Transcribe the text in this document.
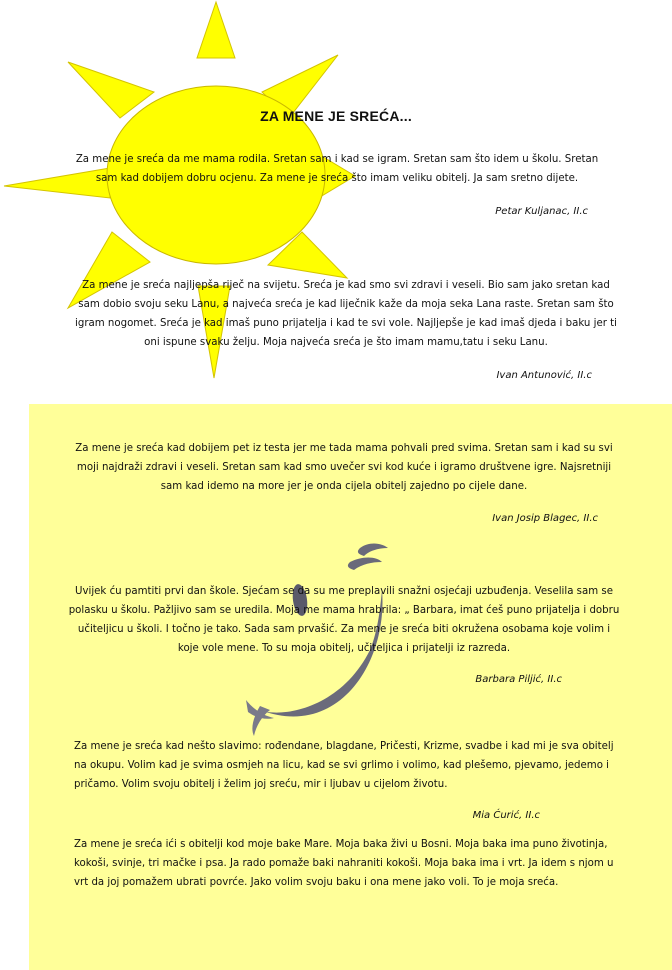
ZA MENE JE SREĆA...
Za mene je sreća da me mama rodila. Sretan sam i kad se igram. Sretan sam što idem u školu. Sretan sam kad dobijem dobru ocjenu. Za mene je sreća što imam veliku obitelj. Ja sam sretno dijete.
Petar Kuljanac, II.c
Za mene je sreća najljepša riječ na svijetu. Sreća je kad smo svi zdravi i veseli. Bio sam jako sretan kad sam dobio svoju seku Lanu, a najveća sreća je kad liječnik kaže da moja seka Lana raste. Sretan sam što igram nogomet. Sreća je kad imaš puno prijatelja i kad te svi vole. Najljepše je kad imaš djeda i baku jer ti oni ispune svaku želju. Moja najveća sreća je što imam mamu,tatu i seku Lanu.
Ivan Antunović, II.c
Za mene je sreća kad dobijem pet iz testa jer me tada mama pohvali pred svima. Sretan sam i kad su svi moji najdraži zdravi i veseli. Sretan sam kad smo uvečer svi kod kuće i igramo društvene igre. Najsretniji sam kad idemo na more jer je onda cijela obitelj zajedno po cijele dane.
Ivan Josip Blagec, II.c
Uvijek ću pamtiti prvi dan škole. Sjećam se da su me preplavili snažni osjećaji uzbuđenja. Veselila sam se polasku u školu. Pažljivo sam se uredila. Moja me mama hrabrila: „ Barbara, imat ćeš puno prijatelja i dobru učiteljicu u školi. I točno je tako. Sada sam prvašić. Za mene je sreća biti okružena osobama koje volim i koje vole mene. To su moja obitelj, učiteljica i prijatelji iz razreda.
Barbara Piljić, II.c
Za mene je sreća kad nešto slavimo: rođendane, blagdane, Pričesti, Krizme, svadbe i kad mi je sva obitelj na okupu. Volim kad je svima osmjeh na licu, kad se svi grlimo i volimo, kad plešemo, pjevamo, jedemo i pričamo. Volim svoju obitelj i želim joj sreću, mir i ljubav u cijelom životu.
Mia Ćurić, II.c
Za mene je sreća ići s obitelji kod moje bake Mare. Moja baka živi u Bosni. Moja baka ima puno životinja, kokoši, svinje, tri mačke i psa. Ja rado pomaže baki nahraniti kokoši. Moja baka ima i vrt. Ja idem s njom u vrt da joj pomažem ubrati povrće. Jako volim svoju baku i ona mene jako voli. To je moja sreća.
